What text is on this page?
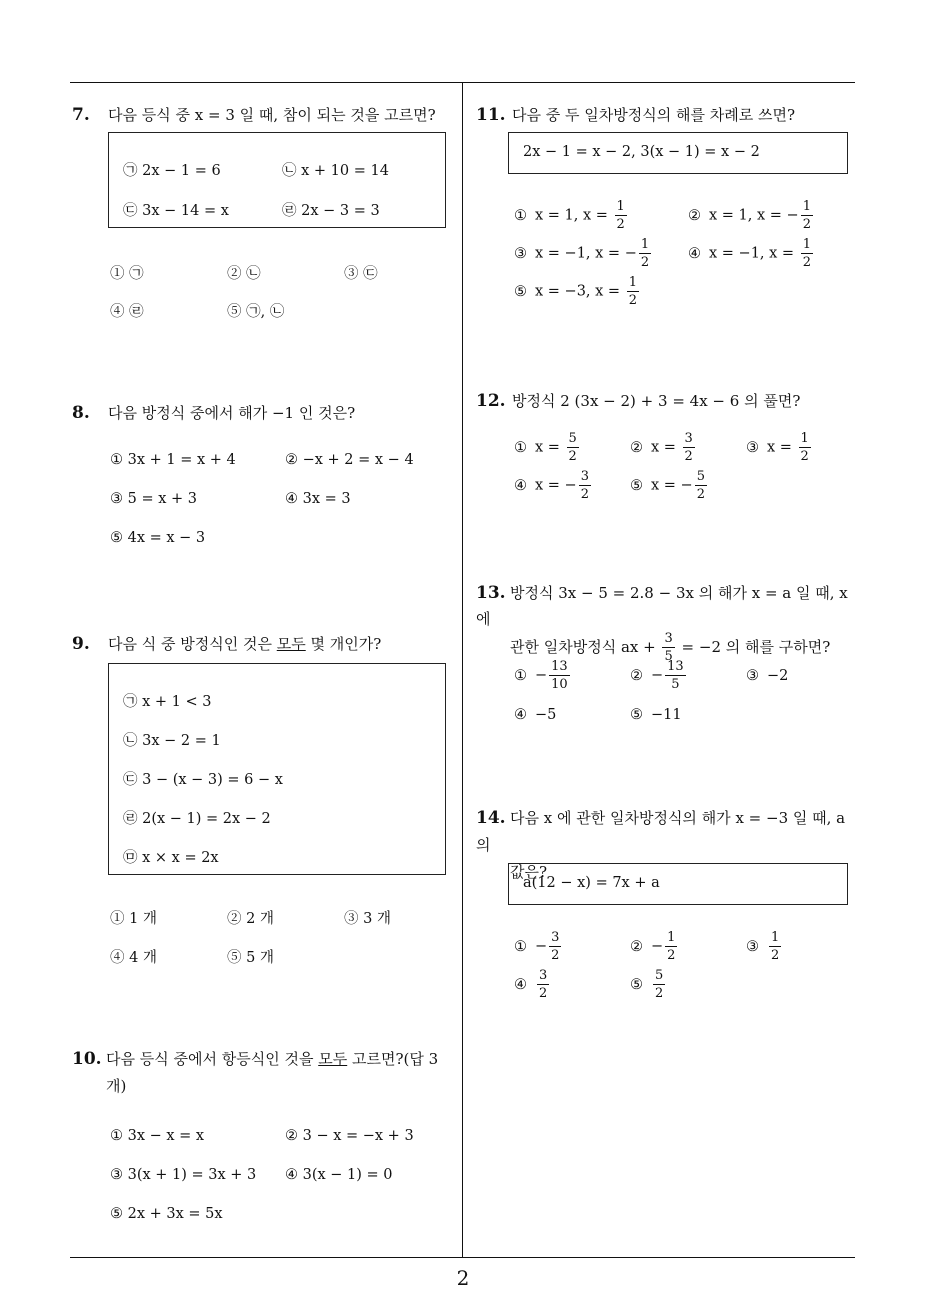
7. 다음 등식 중 x = 3 일 때, 참이 되는 것을 고르면?
㉠ 2x − 1 = 6	㉡ x + 10 = 14
㉢ 3x − 14 = x	㉣ 2x − 3 = 3
① ㉠	② ㉡	③ ㉢
④ ㉣	⑤ ㉠, ㉡
8. 다음 방정식 중에서 해가 −1 인 것은?
① 3x + 1 = x + 4	② −x + 2 = x − 4
③ 5 = x + 3	④ 3x = 3
⑤ 4x = x − 3
9. 다음 식 중 방정식인 것은 모두 몇 개인가?
㉠ x + 1 < 3
㉡ 3x − 2 = 1
㉢ 3 − (x − 3) = 6 − x
㉣ 2(x − 1) = 2x − 2
㉤ x × x = 2x
① 1 개	② 2 개	③ 3 개
④ 4 개	⑤ 5 개
10. 다음 등식 중에서 항등식인 것을 모두 고르면?(답 3
개)
① 3x − x = x	② 3 − x = −x + 3
③ 3(x + 1) = 3x + 3 ④ 3(x − 1) = 0
⑤ 2x + 3x = 5x
11. 다음 중 두 일차방정식의 해를 차례로 쓰면?
2x − 1 = x − 2, 3(x − 1) = x − 2
① x = 1, $x = \frac{1}{2}$	② x = 1, x = − $\frac{1}{2}$
③ x = −1, x = − $\frac{1}{2}$	④ x = −1, $x = \frac{1}{2}$
⑤ x = −3, $x = \frac{1}{2}$
12. 방정식 2 (3x − 2) + 3 = 4x − 6 의 풀면?
① $x = \frac{5}{2}$	② $x = \frac{3}{2}$	③ $x = \frac{1}{2}$
④ x = − $\frac{3}{2}$	⑤ x = − $\frac{5}{2}$
13. 방정식 3x − 5 = 2.8 − 3x 의 해가 x = a 일 때, x 에
관한 일차방정식 ax + $\frac{3}{5} = -2$ 의 해를 구하면?
① − $\frac{13}{10}$	② − $\frac{13}{5}$	③ −2
④ −5	⑤ −11
14. 다음 x 에 관한 일차방정식의 해가 x = −3 일 때, a 의
값은?
a(12 − x) = 7x + a
① − $\frac{3}{2}$	② − $\frac{1}{2}$	③ $\frac{1}{2}$
④ $\frac{3}{2}$	⑤ $\frac{5}{2}$
2
